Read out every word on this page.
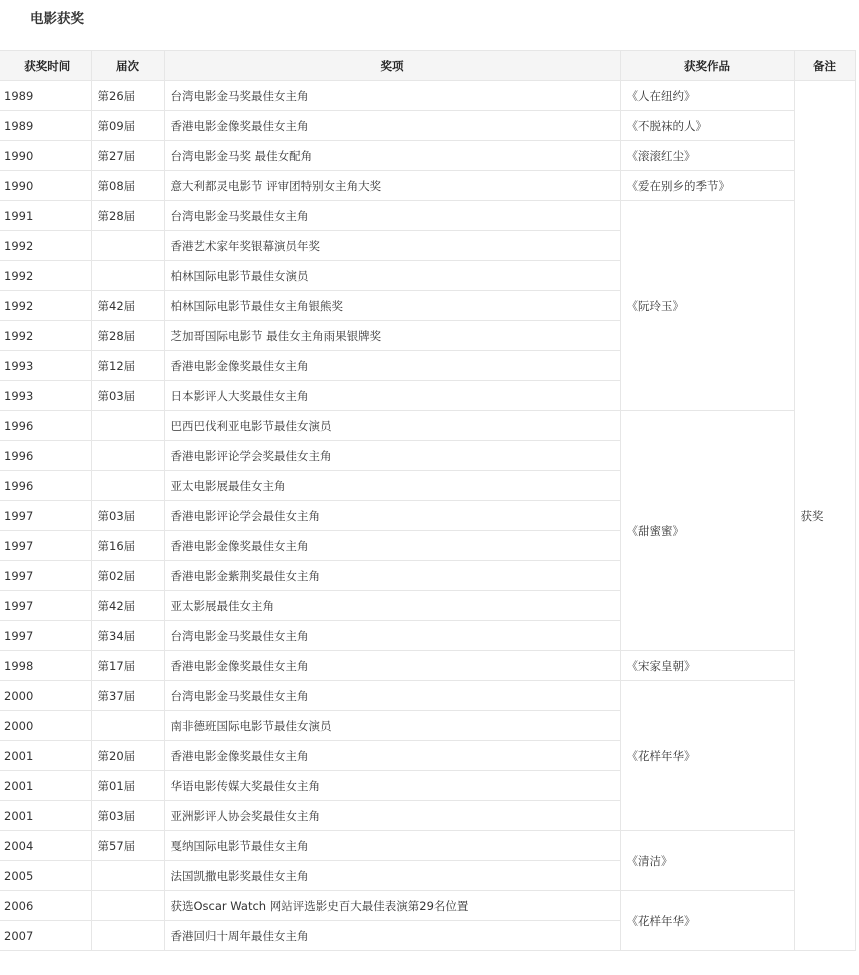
电影获奖
获奖时间	届次	奖项	获奖作品	备注
1989	第26届	台湾电影金马奖最佳女主角	《人在纽约》	获奖
1989	第09届	香港电影金像奖最佳女主角	《不脱袜的人》	
1990	第27届	台湾电影金马奖 最佳女配角	《滚滚红尘》	
1990	第08届	意大利都灵电影节 评审团特别女主角大奖	《爱在别乡的季节》	
1991	第28届	台湾电影金马奖最佳女主角	《阮玲玉》	
1992		香港艺术家年奖银幕演员年奖		
1992		柏林国际电影节最佳女演员		
1992	第42届	柏林国际电影节最佳女主角银熊奖		
1992	第28届	芝加哥国际电影节 最佳女主角雨果银牌奖		
1993	第12届	香港电影金像奖最佳女主角		
1993	第03届	日本影评人大奖最佳女主角		
1996		巴西巴伐利亚电影节最佳女演员	《甜蜜蜜》	
1996		香港电影评论学会奖最佳女主角		
1996		亚太电影展最佳女主角		
1997	第03届	香港电影评论学会最佳女主角		
1997	第16届	香港电影金像奖最佳女主角		
1997	第02届	香港电影金紫荆奖最佳女主角		
1997	第42届	亚太影展最佳女主角		
1997	第34届	台湾电影金马奖最佳女主角		
1998	第17届	香港电影金像奖最佳女主角	《宋家皇朝》	
2000	第37届	台湾电影金马奖最佳女主角	《花样年华》	
2000		南非德班国际电影节最佳女演员		
2001	第20届	香港电影金像奖最佳女主角		
2001	第01届	华语电影传媒大奖最佳女主角		
2001	第03届	亚洲影评人协会奖最佳女主角		
2004	第57届	戛纳国际电影节最佳女主角	《清洁》	
2005		法国凯撒电影奖最佳女主角		
2006		获选Oscar Watch 网站评选影史百大最佳表演第29名位置	《花样年华》	
2007		香港回归十周年最佳女主角		
